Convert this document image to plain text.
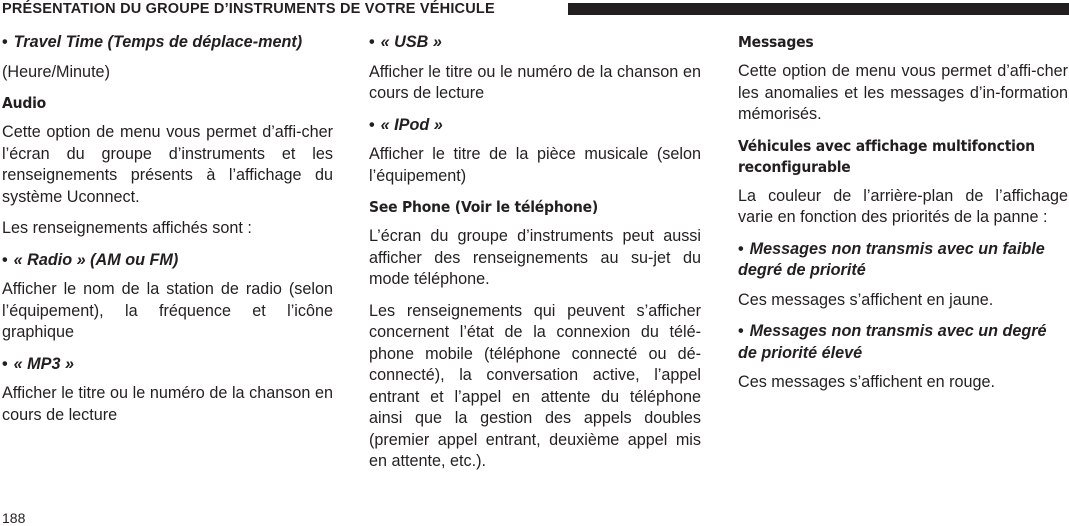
PRÉSENTATION DU GROUPE D’INSTRUMENTS DE VOTRE VÉHICULE

• Travel Time (Temps de déplace-ment)

(Heure/Minute)

Audio

Cette option de menu vous permet d’affi-cher l’écran du groupe d’instruments et les renseignements présents à l’affichage du système Uconnect.

Les renseignements affichés sont :

• « Radio » (AM ou FM)

Afficher le nom de la station de radio (selon l’équipement), la fréquence et l’icône graphique

• « MP3 »

Afficher le titre ou le numéro de la chanson en cours de lecture

• « USB »

Afficher le titre ou le numéro de la chanson en cours de lecture

• « IPod »

Afficher le titre de la pièce musicale (selon l’équipement)

See Phone (Voir le téléphone)

L’écran du groupe d’instruments peut aussi afficher des renseignements au su-jet du mode téléphone.

Les renseignements qui peuvent s’afficher concernent l’état de la connexion du télé-phone mobile (téléphone connecté ou dé-connecté), la conversation active, l’appel entrant et l’appel en attente du téléphone ainsi que la gestion des appels doubles (premier appel entrant, deuxième appel mis en attente, etc.).

Messages

Cette option de menu vous permet d’affi-cher les anomalies et les messages d’in-formation mémorisés.

Véhicules avec affichage multifonction reconfigurable

La couleur de l’arrière-plan de l’affichage varie en fonction des priorités de la panne :

• Messages non transmis avec un faible degré de priorité

Ces messages s’affichent en jaune.

• Messages non transmis avec un degré de priorité élevé

Ces messages s’affichent en rouge.

188
